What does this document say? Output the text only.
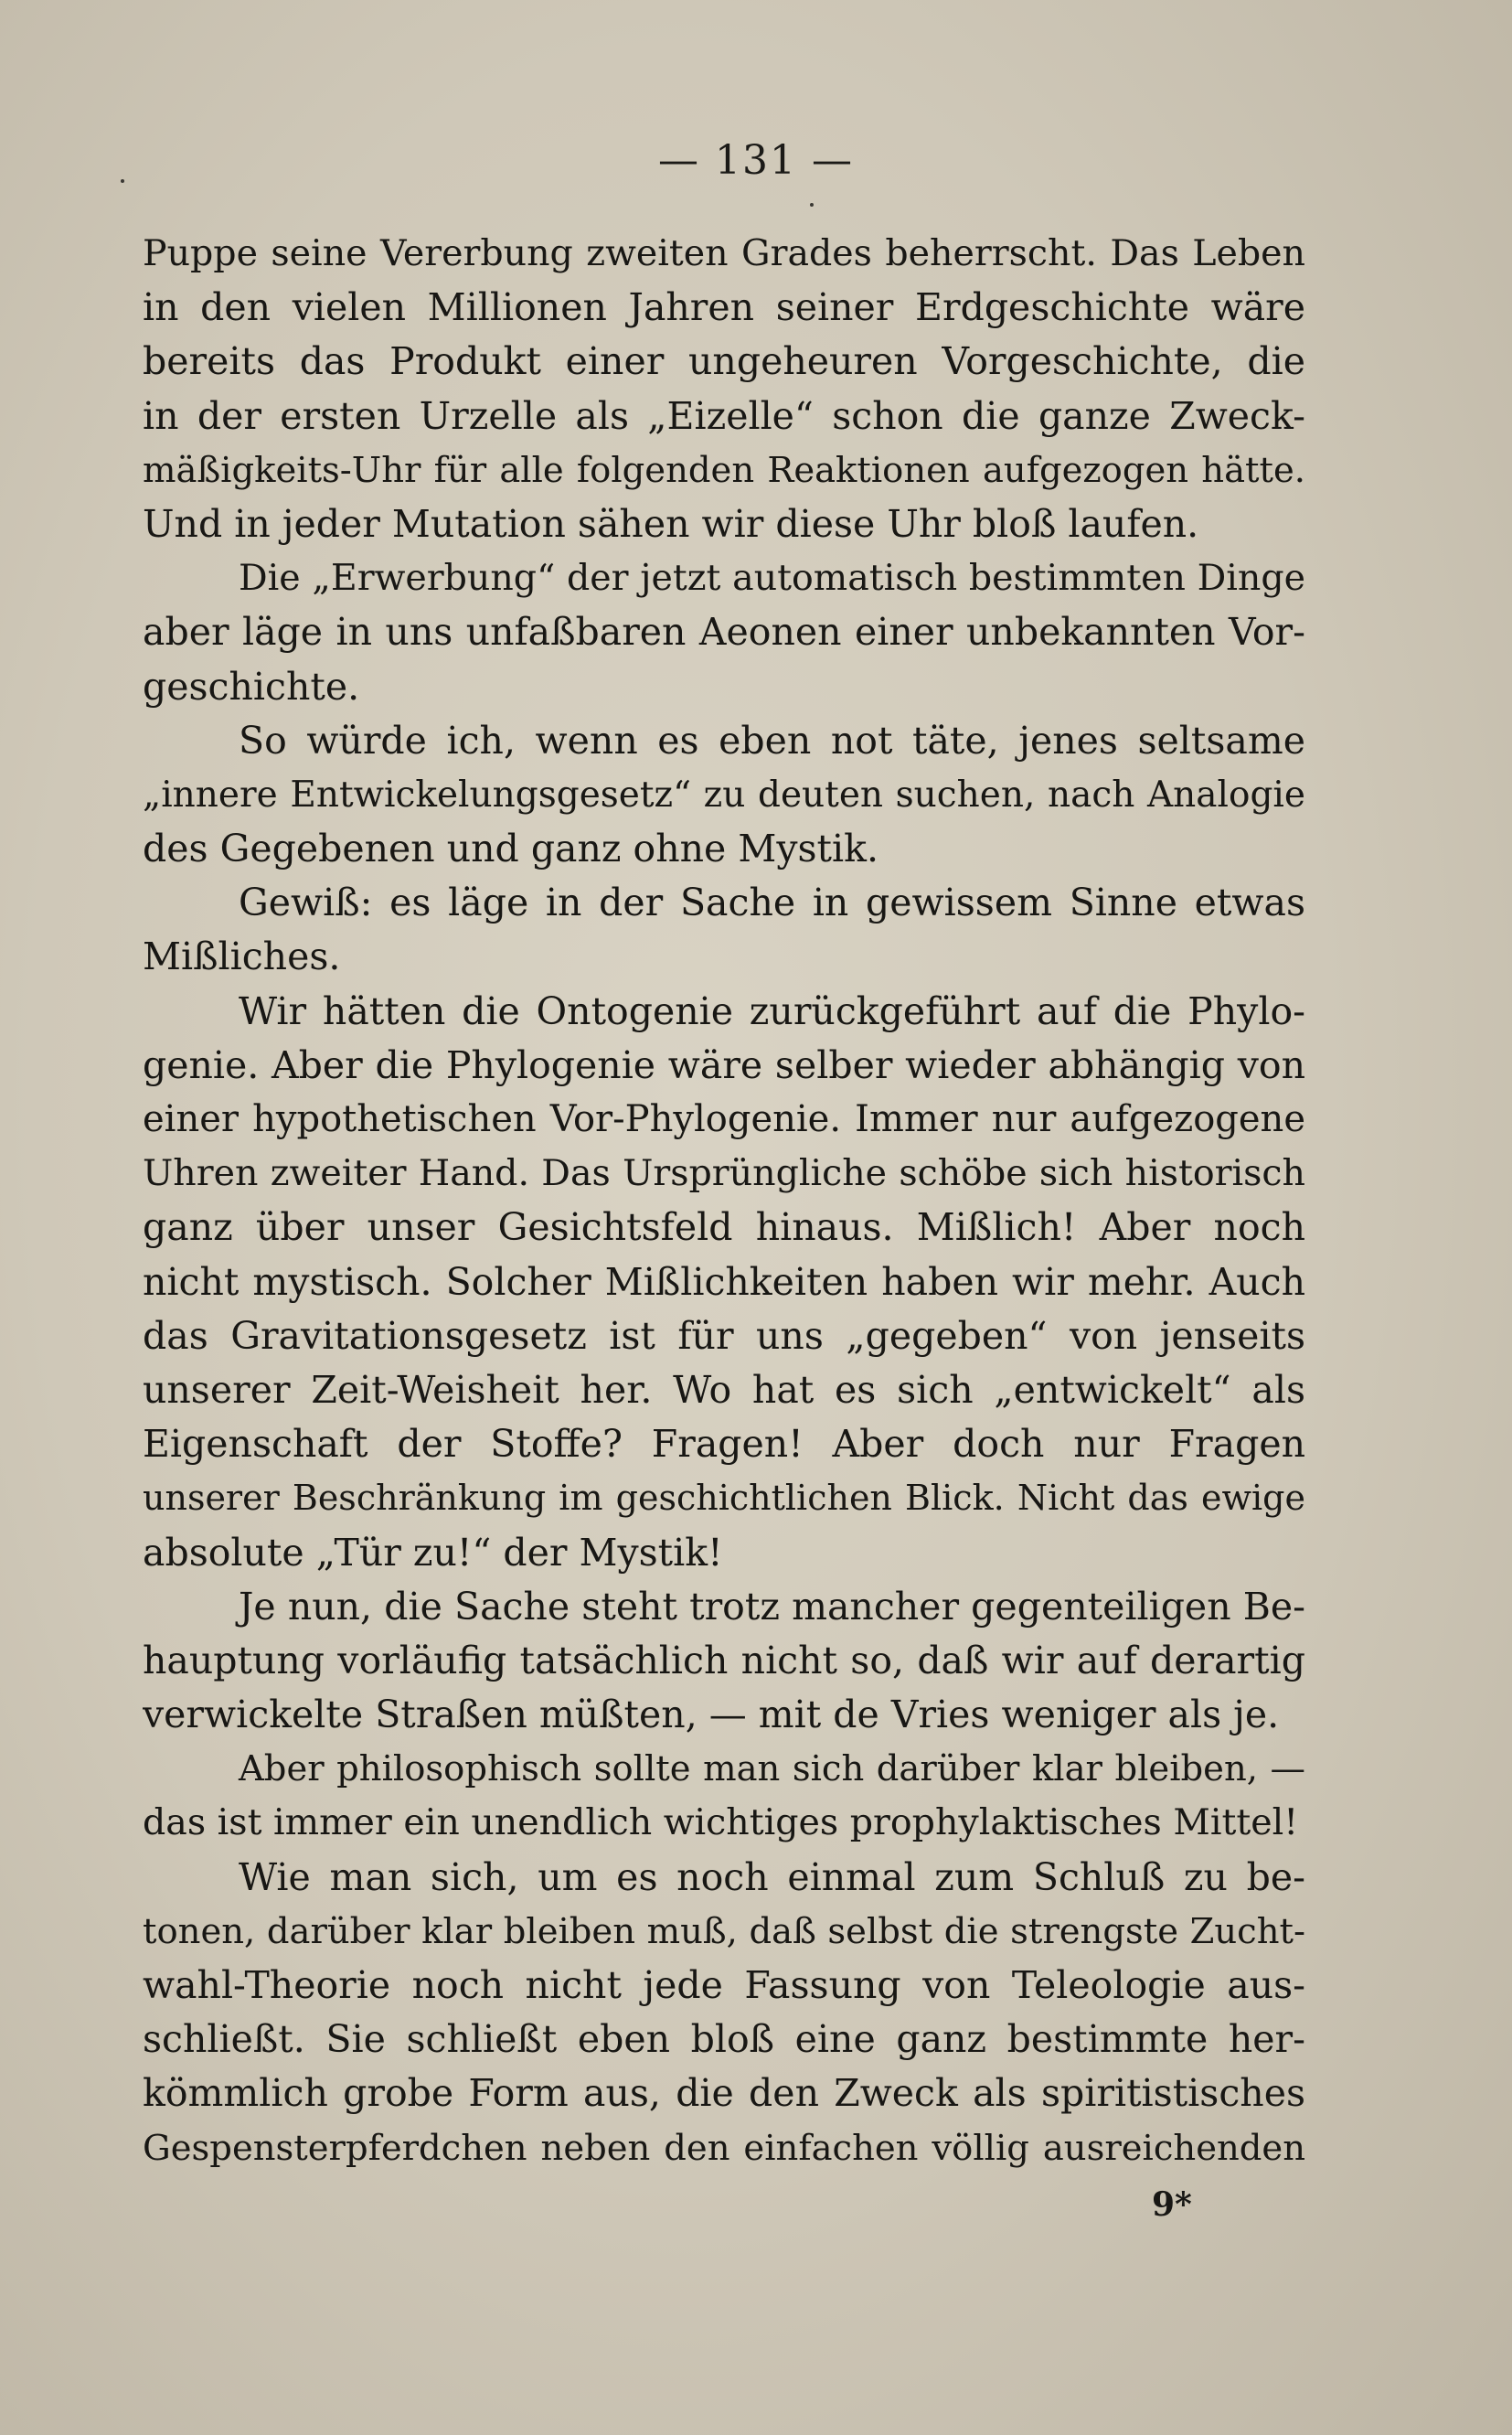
— 131 —
Puppe seine Vererbung zweiten Grades beherrscht. Das Leben
in den vielen Millionen Jahren seiner Erdgeschichte wäre
bereits das Produkt einer ungeheuren Vorgeschichte, die
in der ersten Urzelle als „Eizelle“ schon die ganze Zweck-
mäßigkeits-Uhr für alle folgenden Reaktionen aufgezogen hätte.
Und in jeder Mutation sähen wir diese Uhr bloß laufen.
Die „Erwerbung“ der jetzt automatisch bestimmten Dinge
aber läge in uns unfaßbaren Aeonen einer unbekannten Vor-
geschichte.
So würde ich, wenn es eben not täte, jenes seltsame
„innere Entwickelungsgesetz“ zu deuten suchen, nach Analogie
des Gegebenen und ganz ohne Mystik.
Gewiß: es läge in der Sache in gewissem Sinne etwas
Mißliches.
Wir hätten die Ontogenie zurückgeführt auf die Phylo-
genie. Aber die Phylogenie wäre selber wieder abhängig von
einer hypothetischen Vor-Phylogenie. Immer nur aufgezogene
Uhren zweiter Hand. Das Ursprüngliche schöbe sich historisch
ganz über unser Gesichtsfeld hinaus. Mißlich! Aber noch
nicht mystisch. Solcher Mißlichkeiten haben wir mehr. Auch
das Gravitationsgesetz ist für uns „gegeben“ von jenseits
unserer Zeit-Weisheit her. Wo hat es sich „entwickelt“ als
Eigenschaft der Stoffe? Fragen! Aber doch nur Fragen
unserer Beschränkung im geschichtlichen Blick. Nicht das ewige
absolute „Tür zu!“ der Mystik!
Je nun, die Sache steht trotz mancher gegenteiligen Be-
hauptung vorläufig tatsächlich nicht so, daß wir auf derartig
verwickelte Straßen müßten, — mit de Vries weniger als je.
Aber philosophisch sollte man sich darüber klar bleiben, —
das ist immer ein unendlich wichtiges prophylaktisches Mittel!
Wie man sich, um es noch einmal zum Schluß zu be-
tonen, darüber klar bleiben muß, daß selbst die strengste Zucht-
wahl-Theorie noch nicht jede Fassung von Teleologie aus-
schließt. Sie schließt eben bloß eine ganz bestimmte her-
kömmlich grobe Form aus, die den Zweck als spiritistisches
Gespensterpferdchen neben den einfachen völlig ausreichenden
9*
